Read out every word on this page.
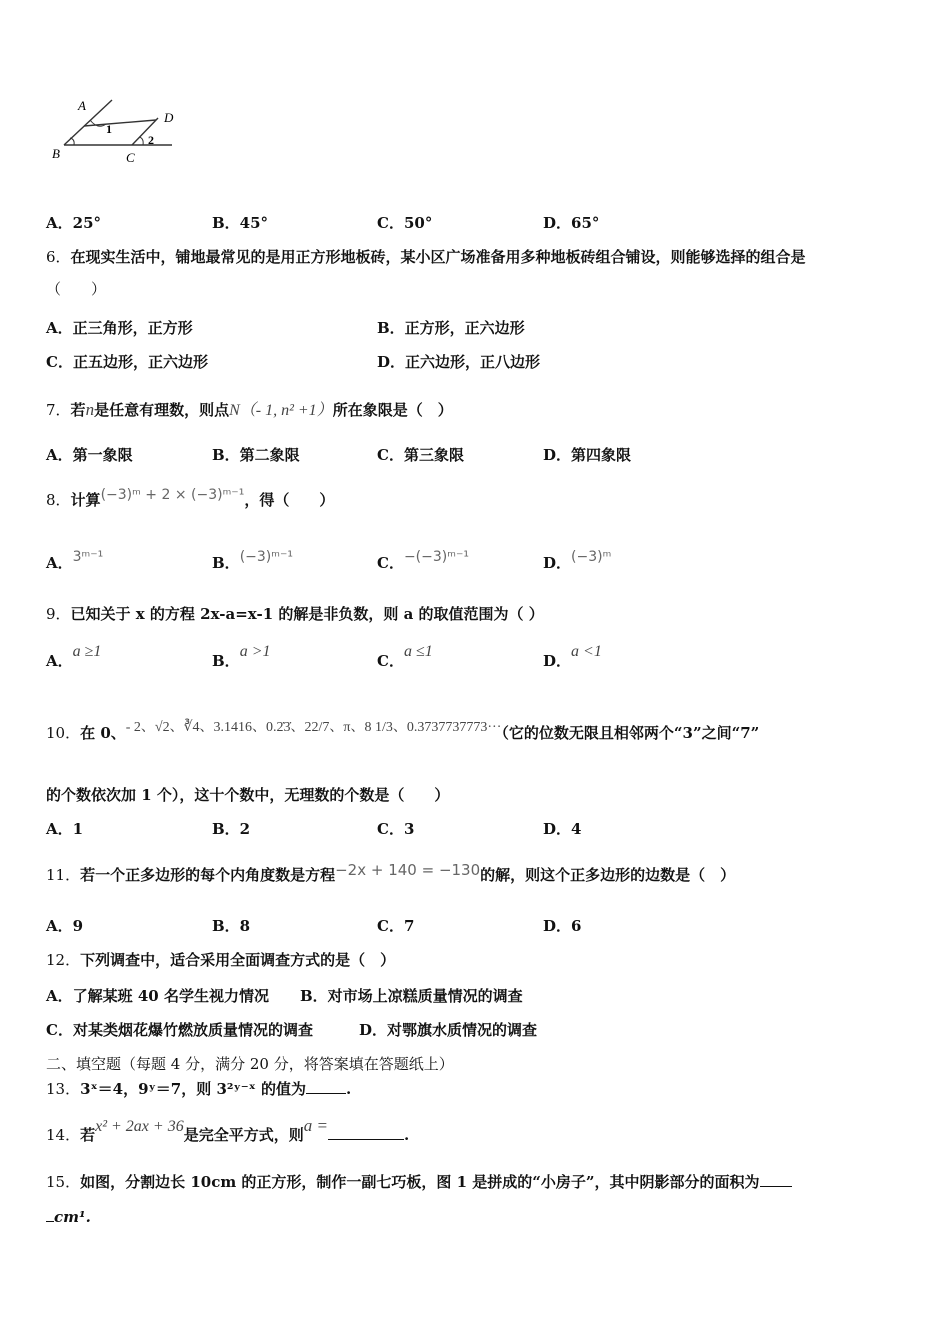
A
D
B	C
1
2
A．25°	B．45°	C．50°	D．65°
6．在现实生活中，铺地最常见的是用正方形地板砖，某小区广场准备用多种地板砖组合铺设，则能够选择的组合是
（　　）
A．正三角形，正方形	B．正方形，正六边形
C．正五边形，正六边形	D．正六边形，正八边形
7．若n是任意有理数，则点N（- 1, n² +1）所在象限是（　）
A．第一象限	B．第二象限	C．第三象限	D．第四象限
8．计算(−3)ᵐ + 2 × (−3)ᵐ⁻¹，得（　　）
A．3ᵐ⁻¹	B．(−3)ᵐ⁻¹	C．−(−3)ᵐ⁻¹	D．(−3)ᵐ
9．已知关于 x 的方程 2x-a=x-1 的解是非负数，则 a 的取值范围为（ ）
A．a ≥1
B．a >1
C．a ≤1
D．a <1
10．在 0、- 2、√2、∛4、3.1416、0.2̇3̇、22/7、π、8 1/3、0.3737737773···（它的位数无限且相邻两个“3”之间“7”
的个数依次加 1 个），这十个数中，无理数的个数是（　　）
A．1	B．2	C．3	D．4
11．若一个正多边形的每个内角度数是方程−2x + 140 = −130的解，则这个正多边形的边数是（　）
A．9	B．8	C．7	D．6
12．下列调查中，适合采用全面调查方式的是（　）
A．了解某班 40 名学生视力情况 B．对市场上凉糕质量情况的调查
C．对某类烟花爆竹燃放质量情况的调查	D．对鄂旗水质情况的调查
二、填空题（每题 4 分，满分 20 分，将答案填在答题纸上）
13．3ˣ＝4，9ʸ＝7，则 3²ʸ⁻ˣ 的值为	.
14．若x² + 2ax + 36是完全平方式，则a =	.
15．如图，分割边长 10cm 的正方形，制作一副七巧板，图 1 是拼成的“小房子”，其中阴影部分的面积为
cm¹.
